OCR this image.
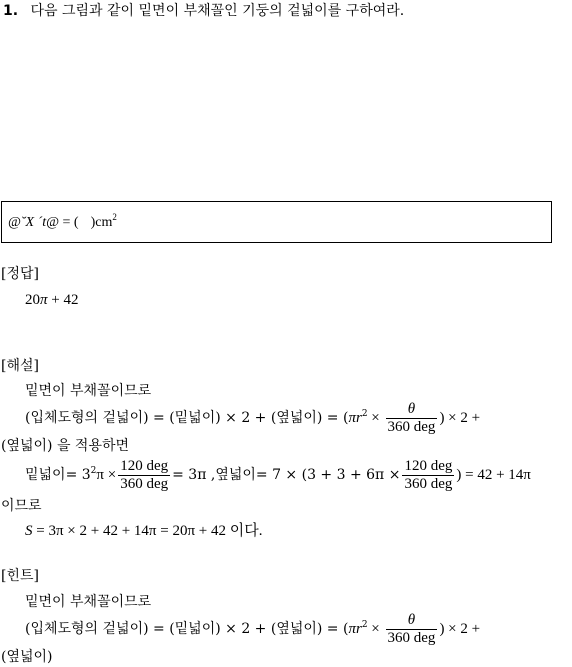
1. 다음 그림과 같이 밑면이 부채꼴인 기둥의 겉넓이를 구하여라.
@˘X ´t@ = ( )$cm^2$
[정답]
20π + 42
[해설]
밑면이 부채꼴이므로
(입체도형의 겉넓이) = (밑넓이) × 2 + (옆넓이) = ($\pi r^2 \times \frac{\theta}{\text{360 deg}}$ ) × 2 +
(옆넓이) 을 적용하면
밑넓이= $3^2\pi \times \frac{\text{120 deg}}{\text{360 deg}} = 3\pi$ ,옆넓이= $7 \times (3 + 3 + 6\pi \times \frac{\text{120 deg}}{\text{360 deg}}$ ) = 42 + 14π
이므로
S = 3π × 2 + 42 + 14π = 20π + 42 이다.
[힌트]
밑면이 부채꼴이므로
(입체도형의 겉넓이) = (밑넓이) × 2 + (옆넓이) = ($\pi r^2 \times \frac{\theta}{\text{360 deg}}$ ) × 2 +
(옆넓이)
